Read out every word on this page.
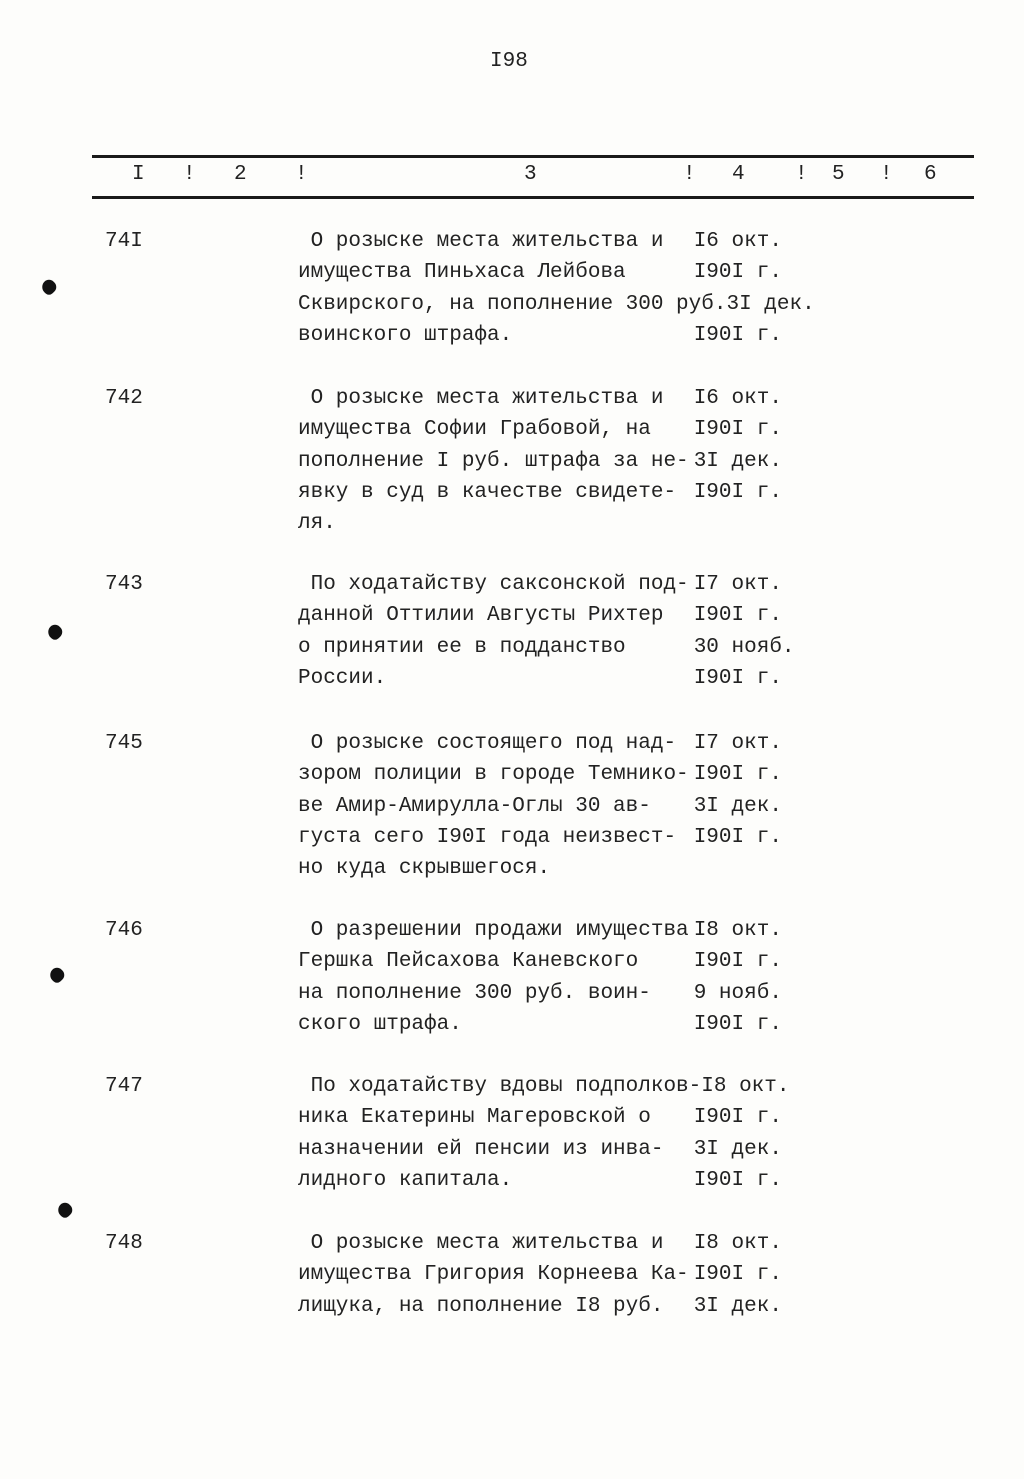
I98
I ! 2 !	3	! 4 ! 5 ! 6
74I	О розыске места жительства и	I6 окт.
имущества Пиньхаса Лейбова	I90I г.
Сквирского, на пополнение 300 руб. 3I дек.
воинского штрафа.	I90I г.
742	О розыске места жительства и	I6 окт.
имущества Софии Грабовой, на	I90I г.
пополнение I руб. штрафа за не- 3I дек.
явку в суд в качестве свидете- I90I г.
ля.
743	По ходатайству саксонской под- I7 окт.
данной Оттилии Августы Рихтер	I90I г.
о принятии ее в подданство	30 нояб.
России.	I90I г.
745	О розыске состоящего под над- I7 окт.
зором полиции в городе Темнико- I90I г.
ве Амир-Амирулла-Оглы 30 ав-	3I дек.
густа сего I90I года неизвест- I90I г.
но куда скрывшегося.
746	О разрешении продажи имущества I8 окт.
Гершка Пейсахова Каневского	I90I г.
на пополнение 300 руб. воин-	9 нояб.
ского штрафа.	I90I г.
747	По ходатайству вдовы подполков- I8 окт.
ника Екатерины Магеровской о	I90I г.
назначении ей пенсии из инва-	3I дек.
лидного капитала.	I90I г.
748	О розыске места жительства и	I8 окт.
имущества Григория Корнеева Ка- I90I г.
лищука, на пополнение I8 руб.	3I дек.
